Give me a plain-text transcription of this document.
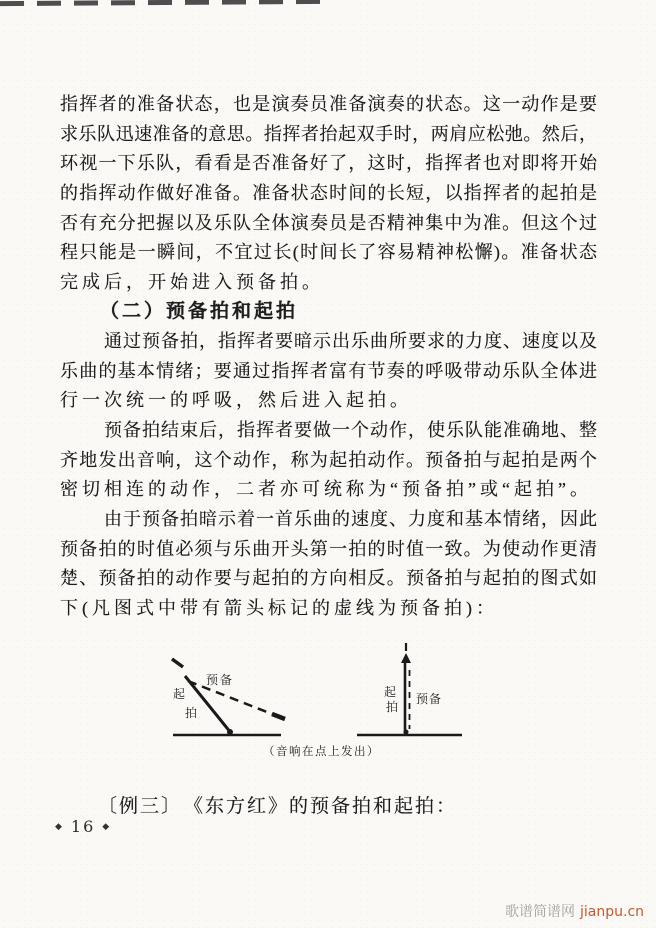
指挥者的准备状态，也是演奏员准备演奏的状态。这一动作是要
求乐队迅速准备的意思。指挥者抬起双手时，两肩应松弛。然后，
环视一下乐队，看看是否准备好了，这时，指挥者也对即将开始
的指挥动作做好准备。准备状态时间的长短，以指挥者的起拍是
否有充分把握以及乐队全体演奏员是否精神集中为准。但这个过
程只能是一瞬间，不宜过长(时间长了容易精神松懈)。准备状态
完成后，开始进入预备拍。
（二）预备拍和起拍
通过预备拍，指挥者要暗示出乐曲所要求的力度、速度以及
乐曲的基本情绪；要通过指挥者富有节奏的呼吸带动乐队全体进
行一次统一的呼吸，然后进入起拍。
预备拍结束后，指挥者要做一个动作，使乐队能准确地、整
齐地发出音响，这个动作，称为起拍动作。预备拍与起拍是两个
密切相连的动作，二者亦可统称为“预备拍”或“起拍”。
由于预备拍暗示着一首乐曲的速度、力度和基本情绪，因此
预备拍的时值必须与乐曲开头第一拍的时值一致。为使动作更清
楚、预备拍的动作要与起拍的方向相反。预备拍与起拍的图式如
下(凡图式中带有箭头标记的虚线为预备拍)：
预备
起
拍
起
拍
预备
（音响在点上发出）
〔例三〕　《东方红》的预备拍和起拍：
◆ 16 ◆
歌谱简谱网 jianpu.cn
